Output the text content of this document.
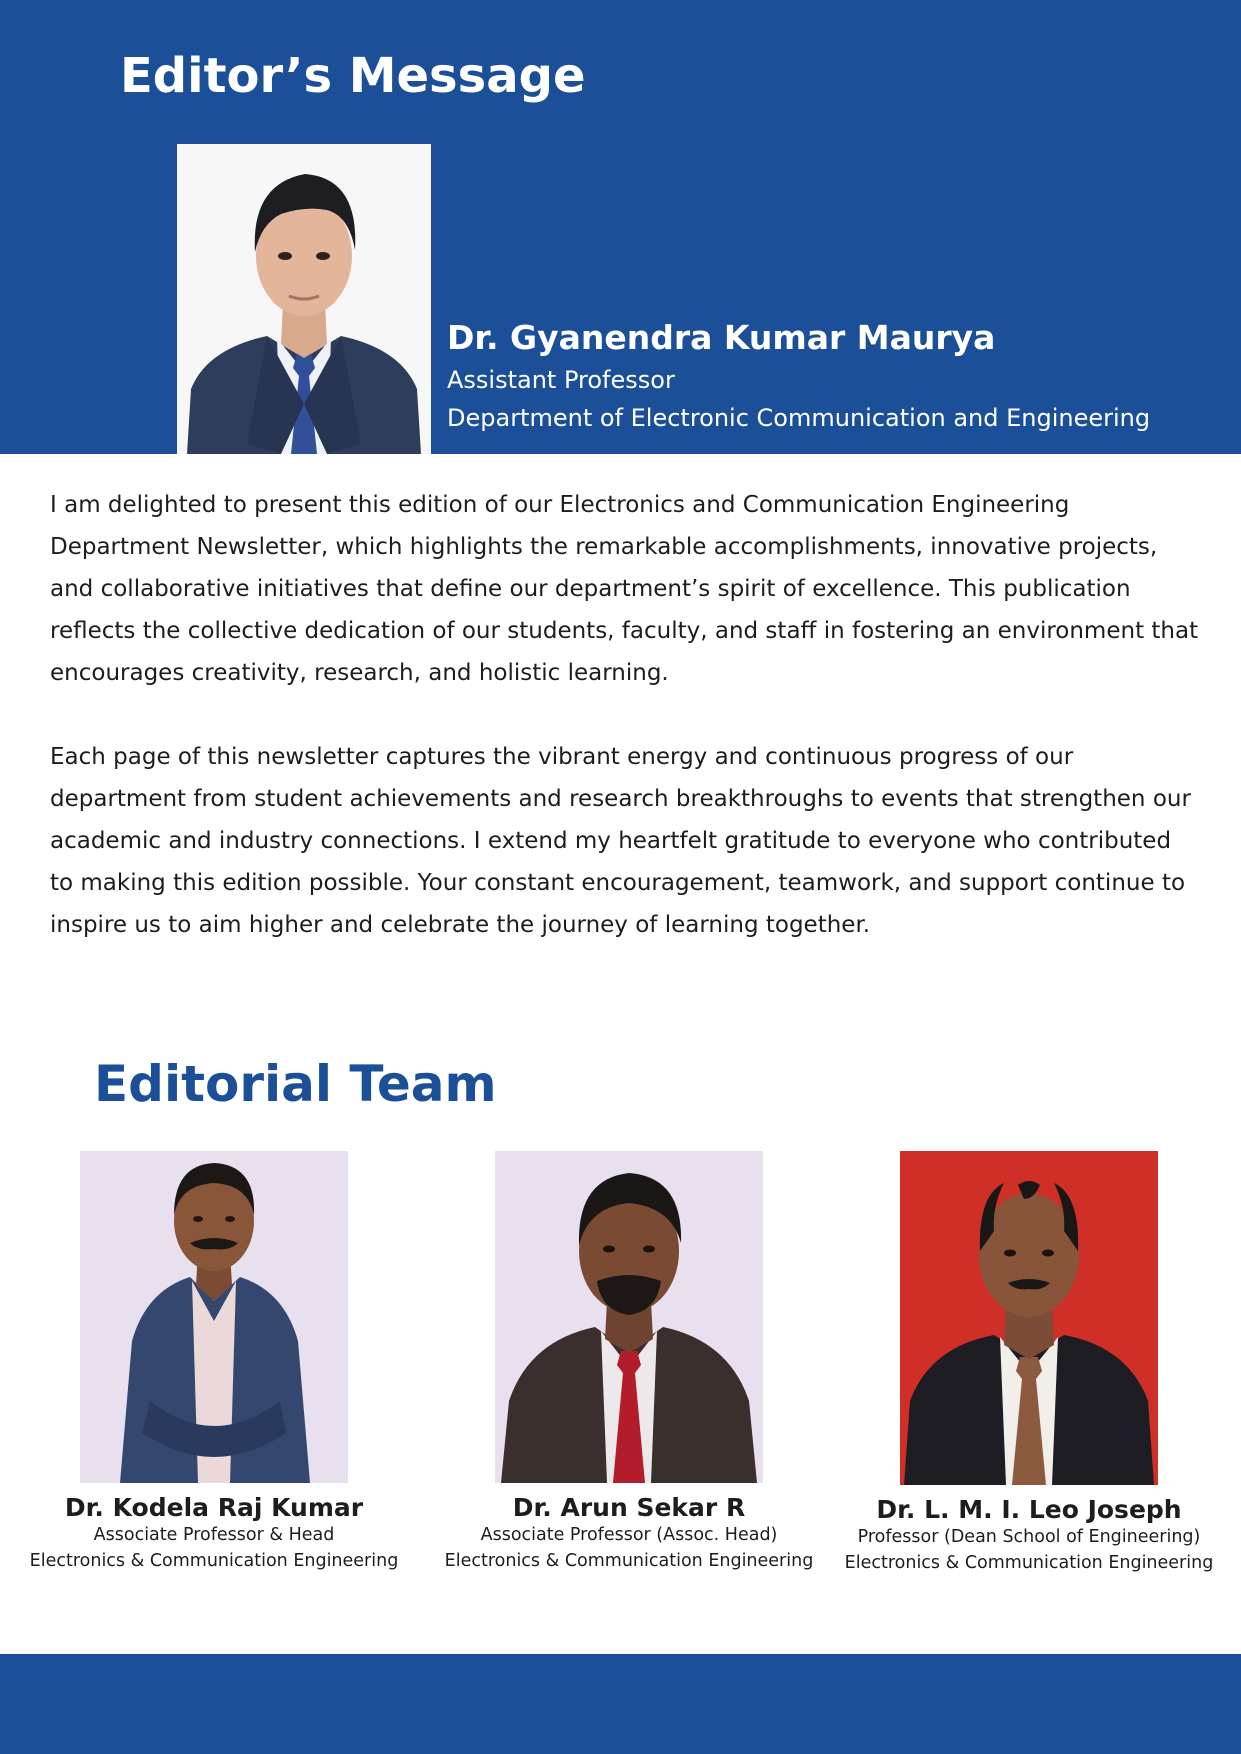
Editor’s Message
Dr. Gyanendra Kumar Maurya
Assistant Professor
Department of Electronic Communication and Engineering

I am delighted to present this edition of our Electronics and Communication Engineering Department Newsletter, which highlights the remarkable accomplishments, innovative projects, and collaborative initiatives that define our department’s spirit of excellence. This publication reflects the collective dedication of our students, faculty, and staff in fostering an environment that encourages creativity, research, and holistic learning.

Each page of this newsletter captures the vibrant energy and continuous progress of our department from student achievements and research breakthroughs to events that strengthen our academic and industry connections. I extend my heartfelt gratitude to everyone who contributed to making this edition possible. Your constant encouragement, teamwork, and support continue to inspire us to aim higher and celebrate the journey of learning together.

Editorial Team
Dr. Kodela Raj Kumar
Associate Professor & Head
Electronics & Communication Engineering
Dr. Arun Sekar R
Associate Professor (Assoc. Head)
Electronics & Communication Engineering
Dr. L. M. I. Leo Joseph
Professor (Dean School of Engineering)
Electronics & Communication Engineering
